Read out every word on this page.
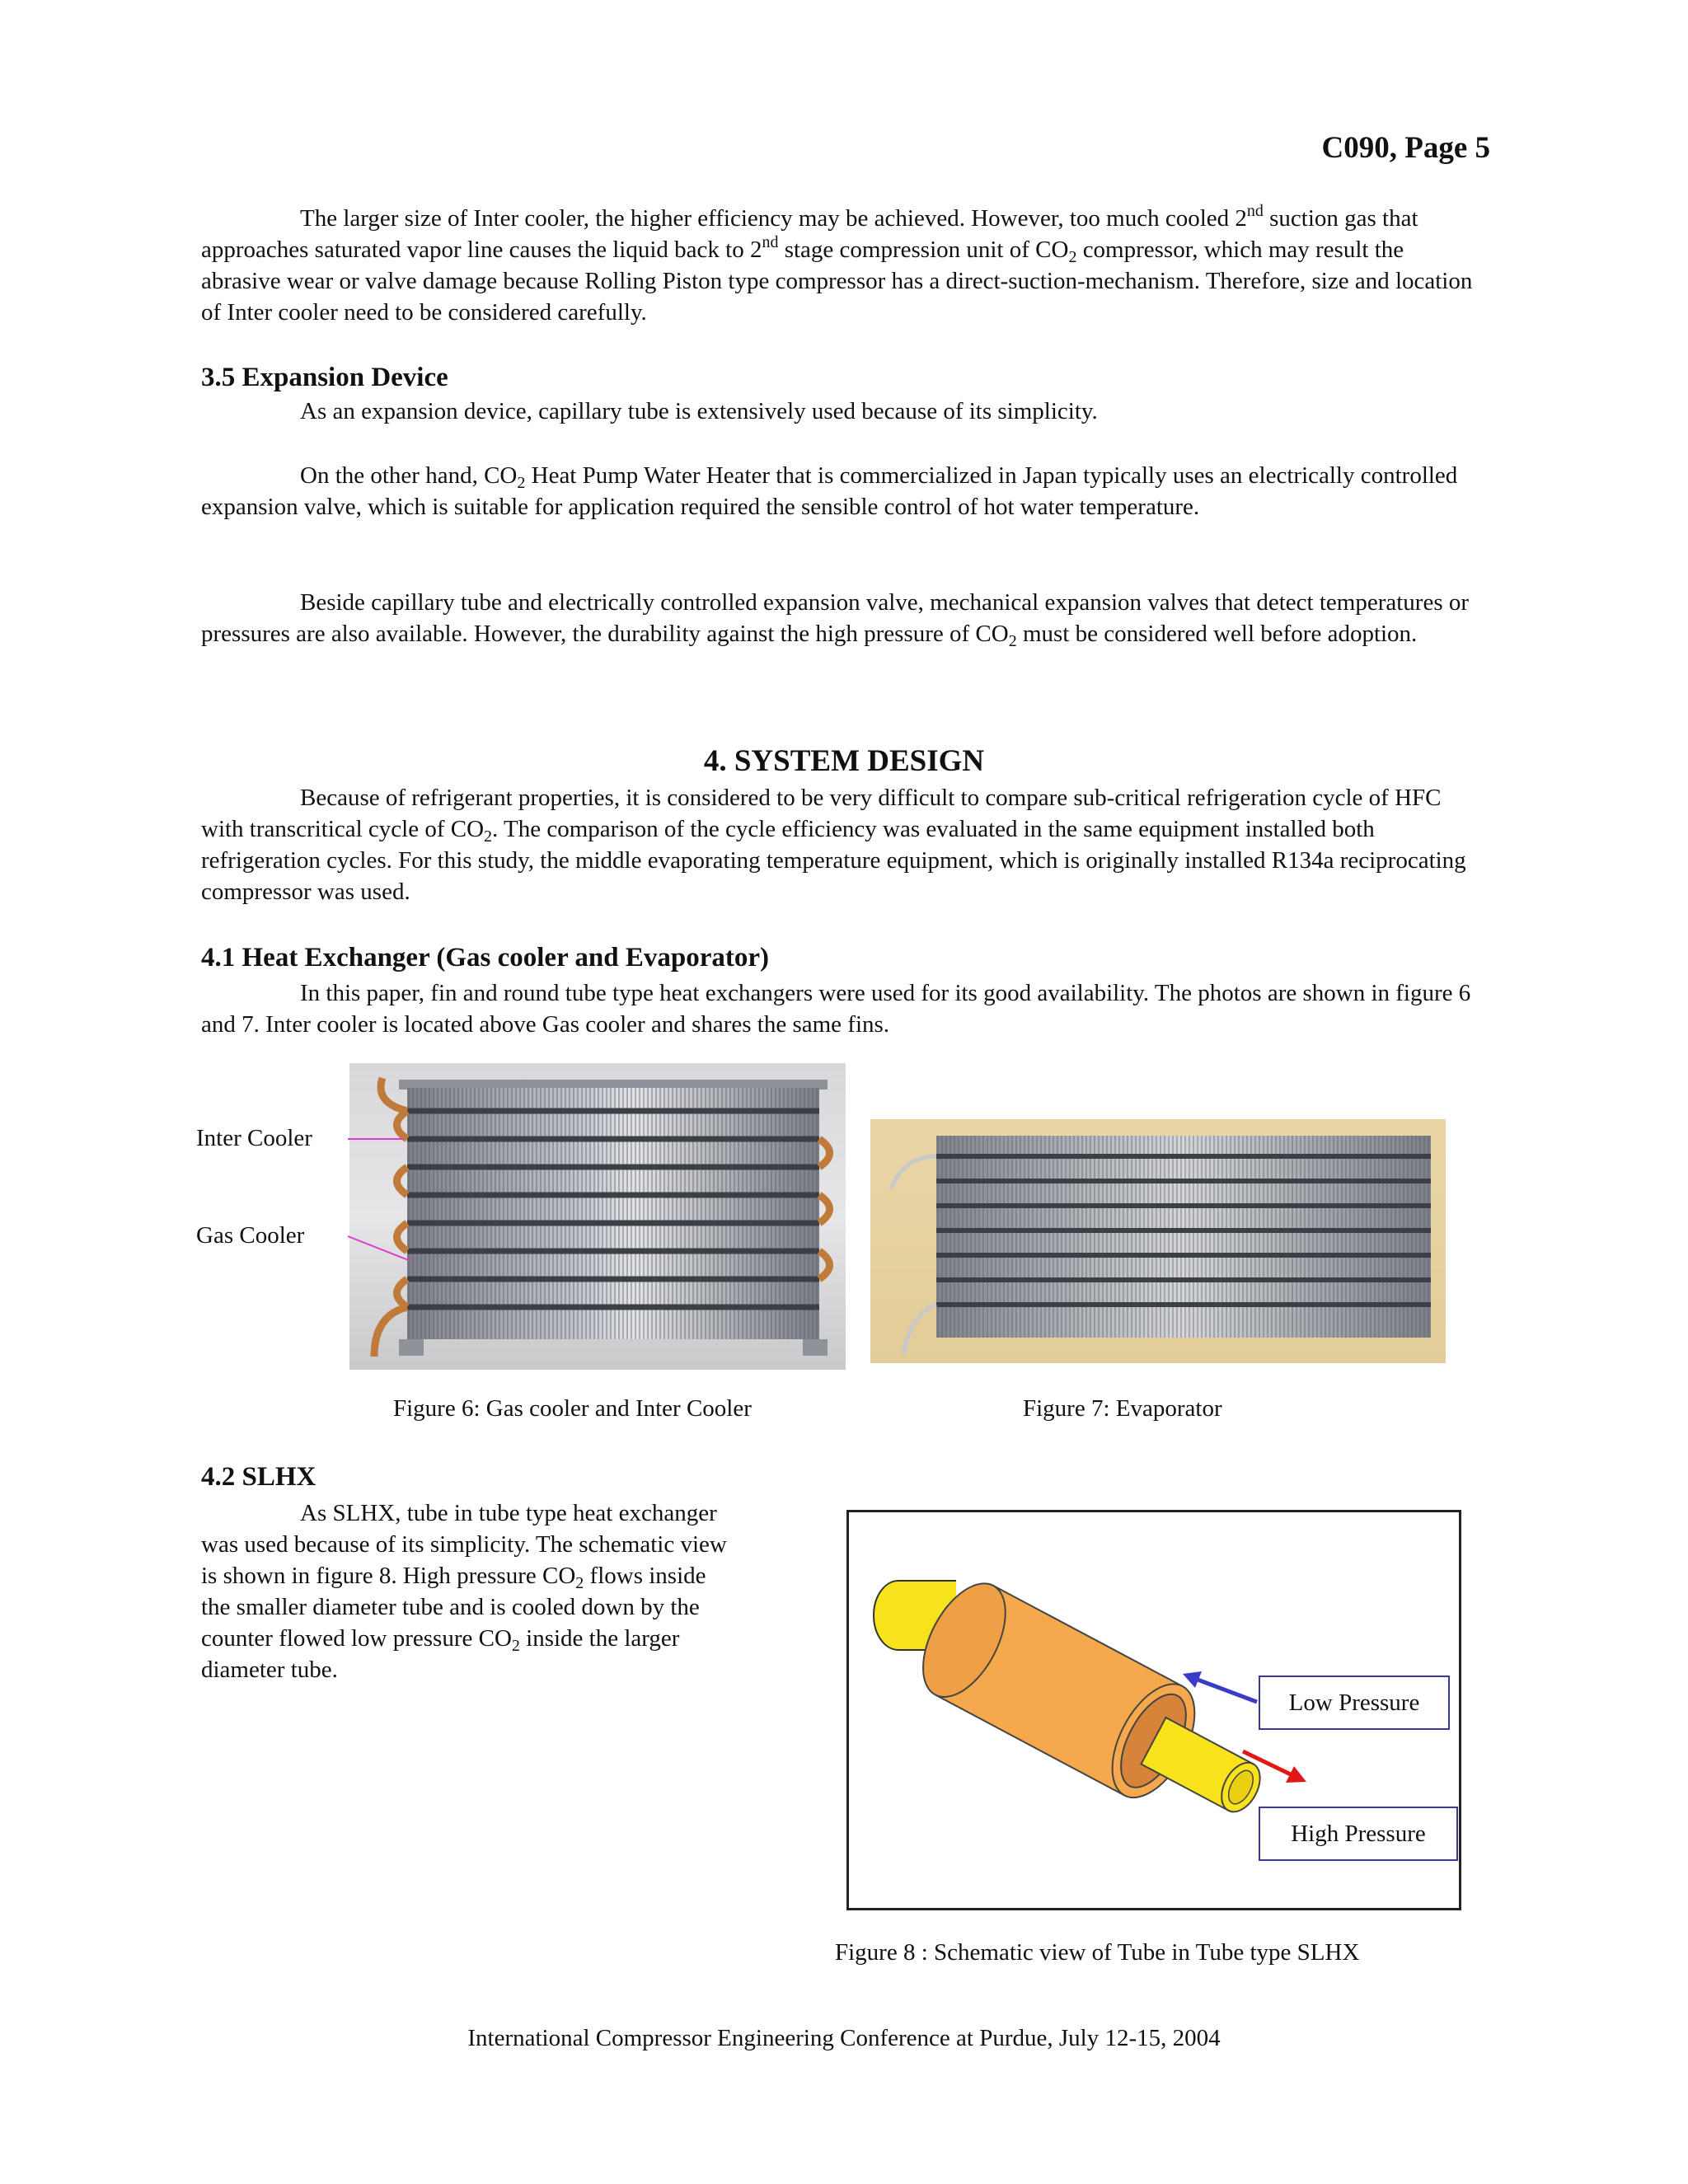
C090, Page 5

The larger size of Inter cooler, the higher efficiency may be achieved. However, too much cooled 2nd suction gas that approaches saturated vapor line causes the liquid back to 2nd stage compression unit of $CO_2$ compressor, which may result the abrasive wear or valve damage because Rolling Piston type compressor has a direct-suction-mechanism. Therefore, size and location of Inter cooler need to be considered carefully.

3.5 Expansion Device

As an expansion device, capillary tube is extensively used because of its simplicity.

On the other hand, $CO_2$ Heat Pump Water Heater that is commercialized in Japan typically uses an electrically controlled expansion valve, which is suitable for application required the sensible control of hot water temperature.

Beside capillary tube and electrically controlled expansion valve, mechanical expansion valves that detect temperatures or pressures are also available. However, the durability against the high pressure of $CO_2$ must be considered well before adoption.

4. SYSTEM DESIGN

Because of refrigerant properties, it is considered to be very difficult to compare sub-critical refrigeration cycle of HFC with transcritical cycle of $CO_2$. The comparison of the cycle efficiency was evaluated in the same equipment installed both refrigeration cycles. For this study, the middle evaporating temperature equipment, which is originally installed R134a reciprocating compressor was used.

4.1 Heat Exchanger (Gas cooler and Evaporator)

In this paper, fin and round tube type heat exchangers were used for its good availability. The photos are shown in figure 6 and 7. Inter cooler is located above Gas cooler and shares the same fins.

Inter Cooler
Gas Cooler
Figure 6: Gas cooler and Inter Cooler	Figure 7: Evaporator
4.2 SLHX
As SLHX, tube in tube type heat exchanger
was used because of its simplicity. The schematic view
is shown in figure 8. High pressure $CO_2$ flows inside
the smaller diameter tube and is cooled down by the
counter flowed low pressure $CO_2$ inside the larger
diameter tube.
Low Pressure
High Pressure
Figure 8 : Schematic view of Tube in Tube type SLHX
International Compressor Engineering Conference at Purdue, July 12-15, 2004
